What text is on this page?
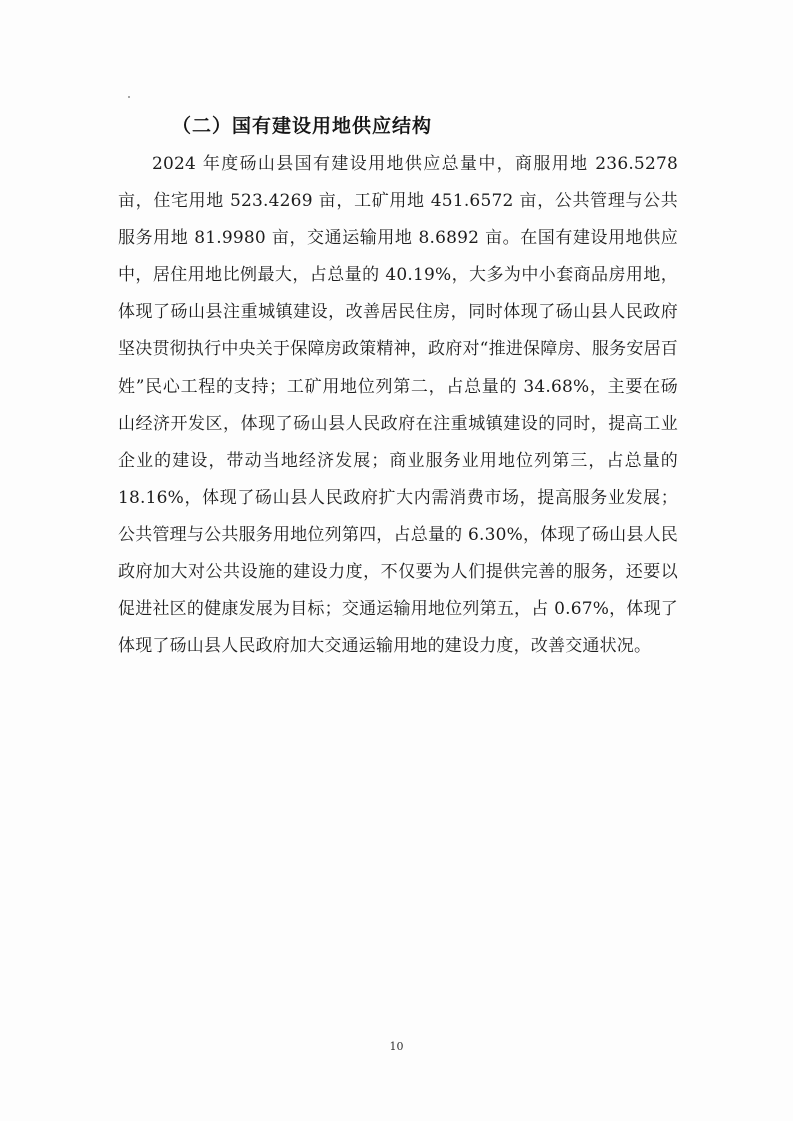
（二）国有建设用地供应结构

2024 年度砀山县国有建设用地供应总量中，商服用地 236.5278 亩，住宅用地 523.4269 亩，工矿用地 451.6572 亩，公共管理与公共服务用地 81.9980 亩，交通运输用地 8.6892 亩。在国有建设用地供应中，居住用地比例最大，占总量的 40.19%，大多为中小套商品房用地，体现了砀山县注重城镇建设，改善居民住房，同时体现了砀山县人民政府坚决贯彻执行中央关于保障房政策精神，政府对“推进保障房、服务安居百姓”民心工程的支持；工矿用地位列第二，占总量的 34.68%，主要在砀山经济开发区，体现了砀山县人民政府在注重城镇建设的同时，提高工业企业的建设，带动当地经济发展；商业服务业用地位列第三，占总量的 18.16%，体现了砀山县人民政府扩大内需消费市场，提高服务业发展；公共管理与公共服务用地位列第四，占总量的 6.30%，体现了砀山县人民政府加大对公共设施的建设力度，不仅要为人们提供完善的服务，还要以促进社区的健康发展为目标；交通运输用地位列第五，占 0.67%，体现了体现了砀山县人民政府加大交通运输用地的建设力度，改善交通状况。

10
